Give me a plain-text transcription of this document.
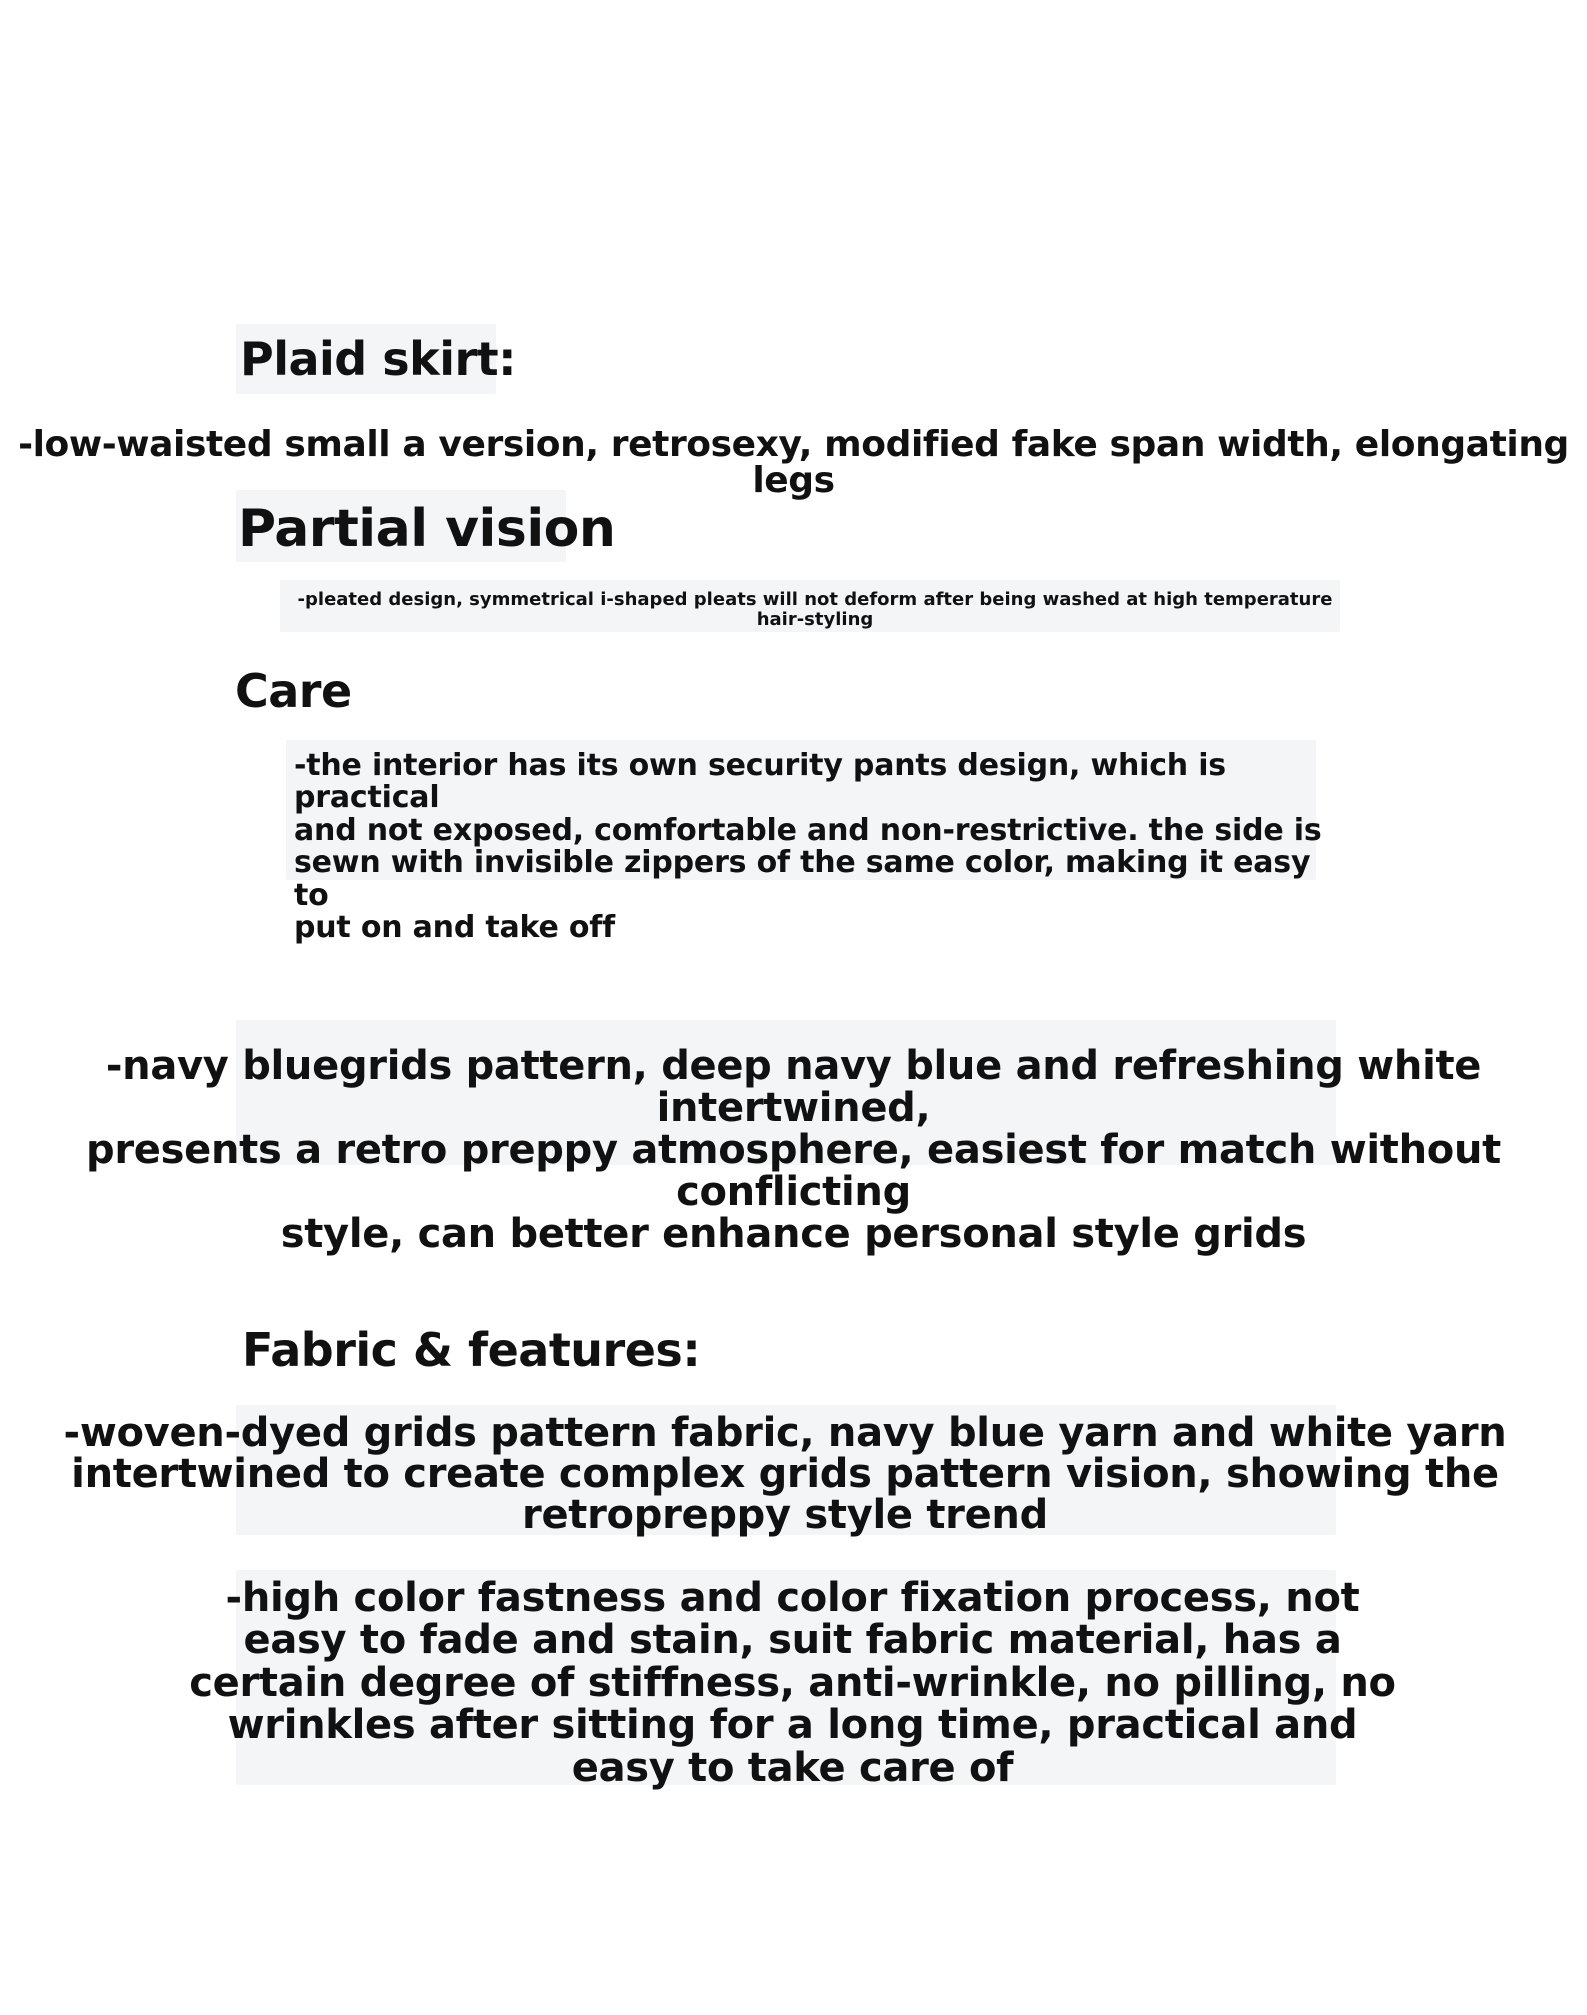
Plaid skirt:

-low-waisted small a version, retrosexy, modified fake span width, elongating legs

Partial vision

-pleated design, symmetrical i-shaped pleats will not deform after being washed at high temperature
hair-styling

Care

-the interior has its own security pants design, which is practical
and not exposed, comfortable and non-restrictive. the side is
sewn with invisible zippers of the same color, making it easy to
put on and take off

-navy bluegrids pattern, deep navy blue and refreshing white intertwined,
presents a retro preppy atmosphere, easiest for match without conflicting
style, can better enhance personal style grids

Fabric & features:

-woven-dyed grids pattern fabric, navy blue yarn and white yarn
intertwined to create complex grids pattern vision, showing the
retropreppy style trend

-high color fastness and color fixation process, not
easy to fade and stain, suit fabric material, has a
certain degree of stiffness, anti-wrinkle, no pilling, no
wrinkles after sitting for a long time, practical and
easy to take care of
